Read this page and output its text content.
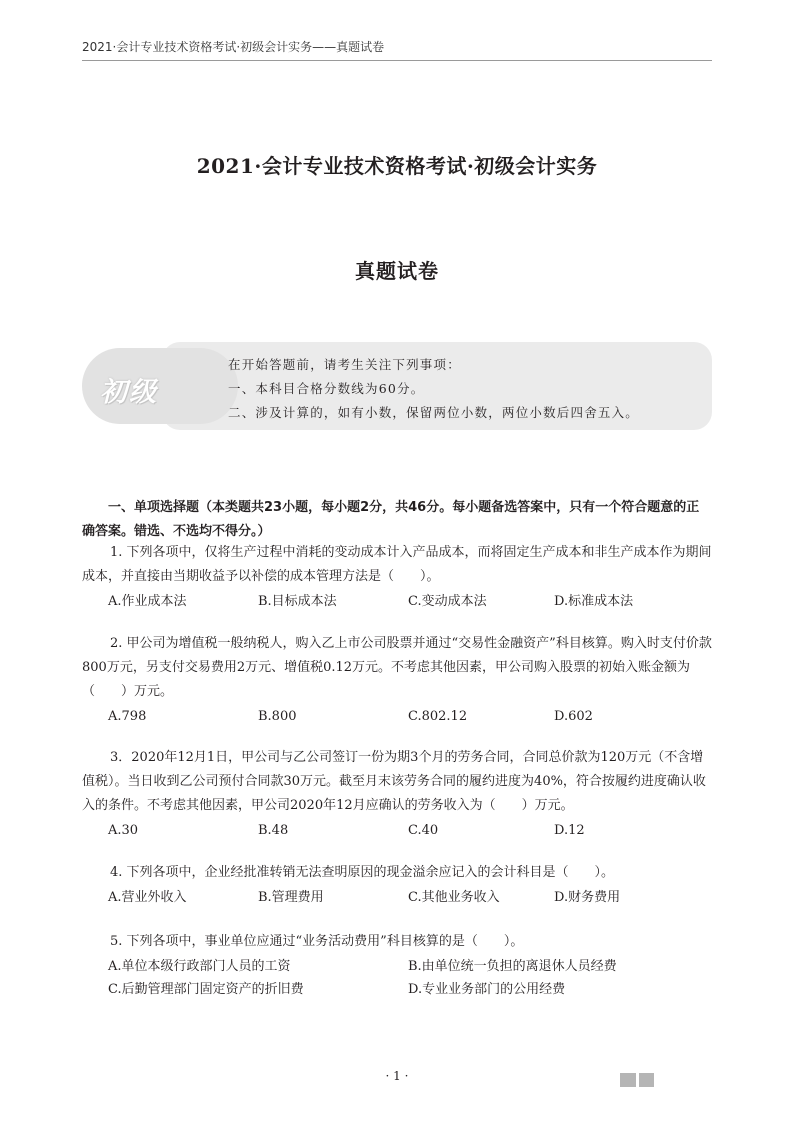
2021·会计专业技术资格考试·初级会计实务——真题试卷
2021·会计专业技术资格考试·初级会计实务
真题试卷
初级
在开始答题前，请考生关注下列事项：
一、本科目合格分数线为60分。
二、涉及计算的，如有小数，保留两位小数，两位小数后四舍五入。
一、单项选择题（本类题共23小题，每小题2分，共46分。每小题备选答案中，只有一个符合题意的正确答案。错选、不选均不得分。）
1. 下列各项中，仅将生产过程中消耗的变动成本计入产品成本，而将固定生产成本和非生产成本作为期间成本，并直接由当期收益予以补偿的成本管理方法是（　　）。
A.作业成本法	B.目标成本法	C.变动成本法	D.标准成本法
2. 甲公司为增值税一般纳税人，购入乙上市公司股票并通过“交易性金融资产”科目核算。购入时支付价款800万元，另支付交易费用2万元、增值税0.12万元。不考虑其他因素，甲公司购入股票的初始入账金额为（　　）万元。
A.798	B.800	C.802.12	D.602
3．2020年12月1日，甲公司与乙公司签订一份为期3个月的劳务合同，合同总价款为120万元（不含增值税）。当日收到乙公司预付合同款30万元。截至月末该劳务合同的履约进度为40%，符合按履约进度确认收入的条件。不考虑其他因素，甲公司2020年12月应确认的劳务收入为（　　）万元。
A.30	B.48	C.40	D.12
4. 下列各项中，企业经批准转销无法查明原因的现金溢余应记入的会计科目是（　　）。
A.营业外收入	B.管理费用	C.其他业务收入	D.财务费用
5. 下列各项中，事业单位应通过“业务活动费用”科目核算的是（　　）。
A.单位本级行政部门人员的工资	B.由单位统一负担的离退休人员经费
C.后勤管理部门固定资产的折旧费	D.专业业务部门的公用经费
· 1 ·
